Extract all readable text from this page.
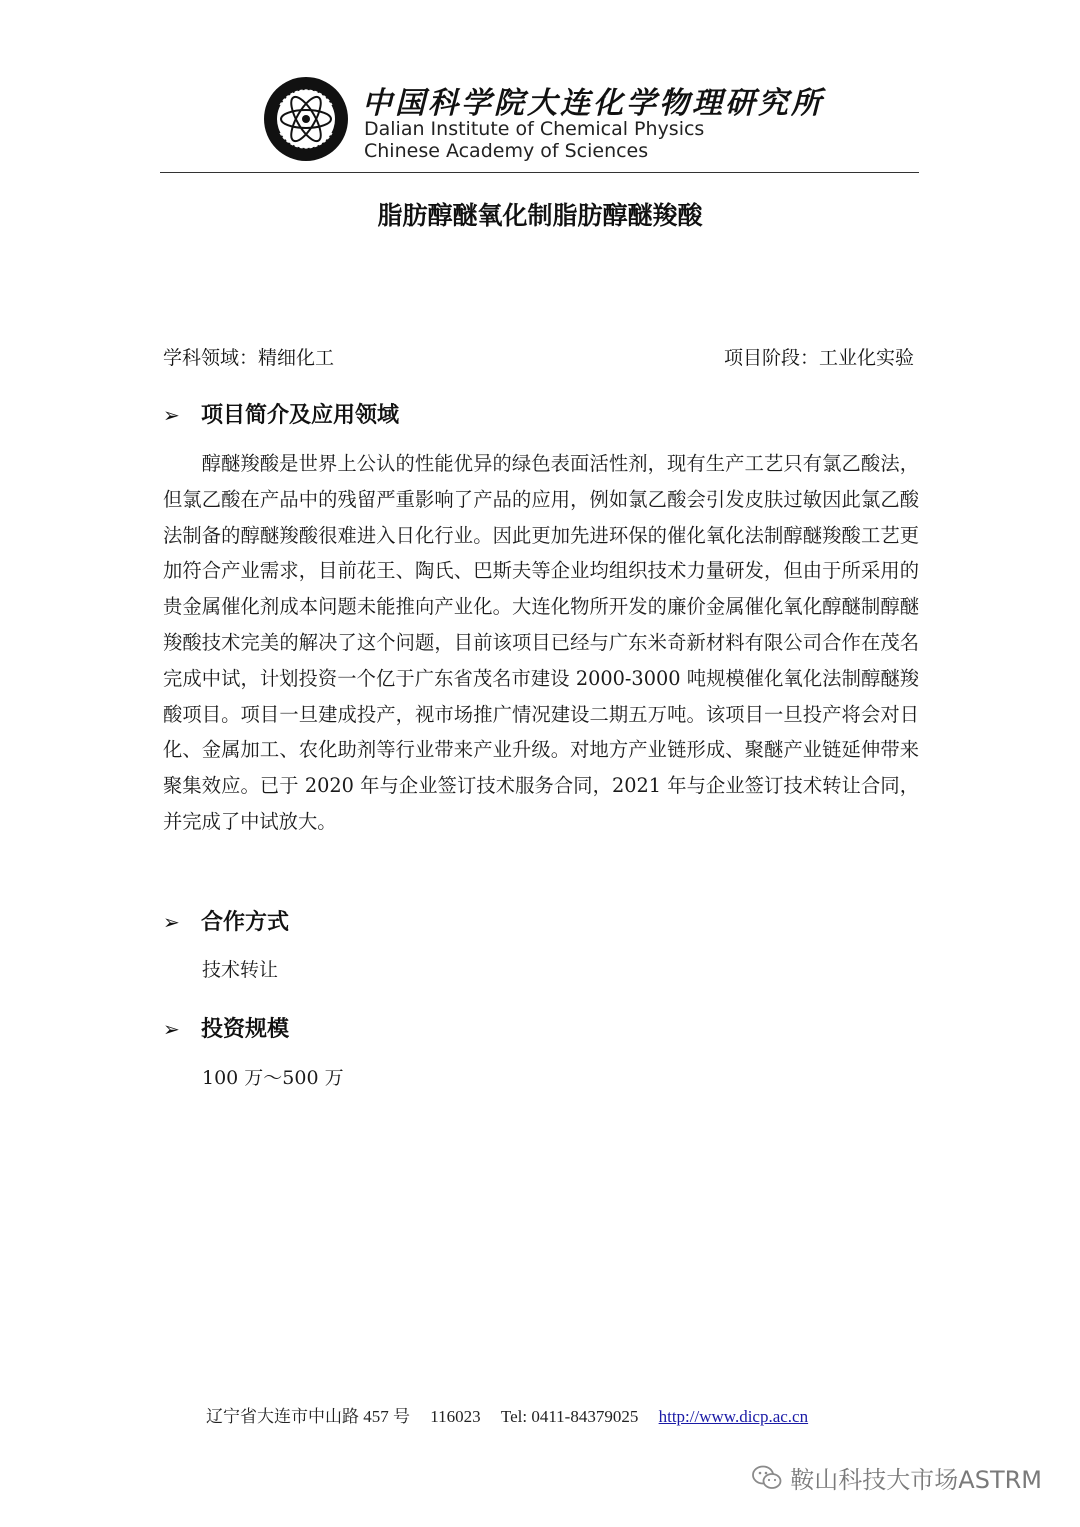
中国科学院大连化学物理研究所
Dalian Institute of Chemical Physics
Chinese Academy of Sciences
脂肪醇醚氧化制脂肪醇醚羧酸
学科领域：精细化工	项目阶段：工业化实验
➢ 项目简介及应用领域

醇醚羧酸是世界上公认的性能优异的绿色表面活性剂，现有生产工艺只有氯乙酸法，但氯乙酸在产品中的残留严重影响了产品的应用，例如氯乙酸会引发皮肤过敏因此氯乙酸法制备的醇醚羧酸很难进入日化行业。因此更加先进环保的催化氧化法制醇醚羧酸工艺更加符合产业需求，目前花王、陶氏、巴斯夫等企业均组织技术力量研发，但由于所采用的贵金属催化剂成本问题未能推向产业化。大连化物所开发的廉价金属催化氧化醇醚制醇醚羧酸技术完美的解决了这个问题，目前该项目已经与广东米奇新材料有限公司合作在茂名完成中试，计划投资一个亿于广东省茂名市建设 2000-3000 吨规模催化氧化法制醇醚羧酸项目。项目一旦建成投产，视市场推广情况建设二期五万吨。该项目一旦投产将会对日化、金属加工、农化助剂等行业带来产业升级。对地方产业链形成、聚醚产业链延伸带来聚集效应。已于 2020 年与企业签订技术服务合同，2021 年与企业签订技术转让合同，并完成了中试放大。

➢ 合作方式
技术转让
➢ 投资规模
100 万～500 万
辽宁省大连市中山路 457 号 116023 Tel: 0411-84379025 http://www.dicp.ac.cn
鞍山科技大市场ASTRM
